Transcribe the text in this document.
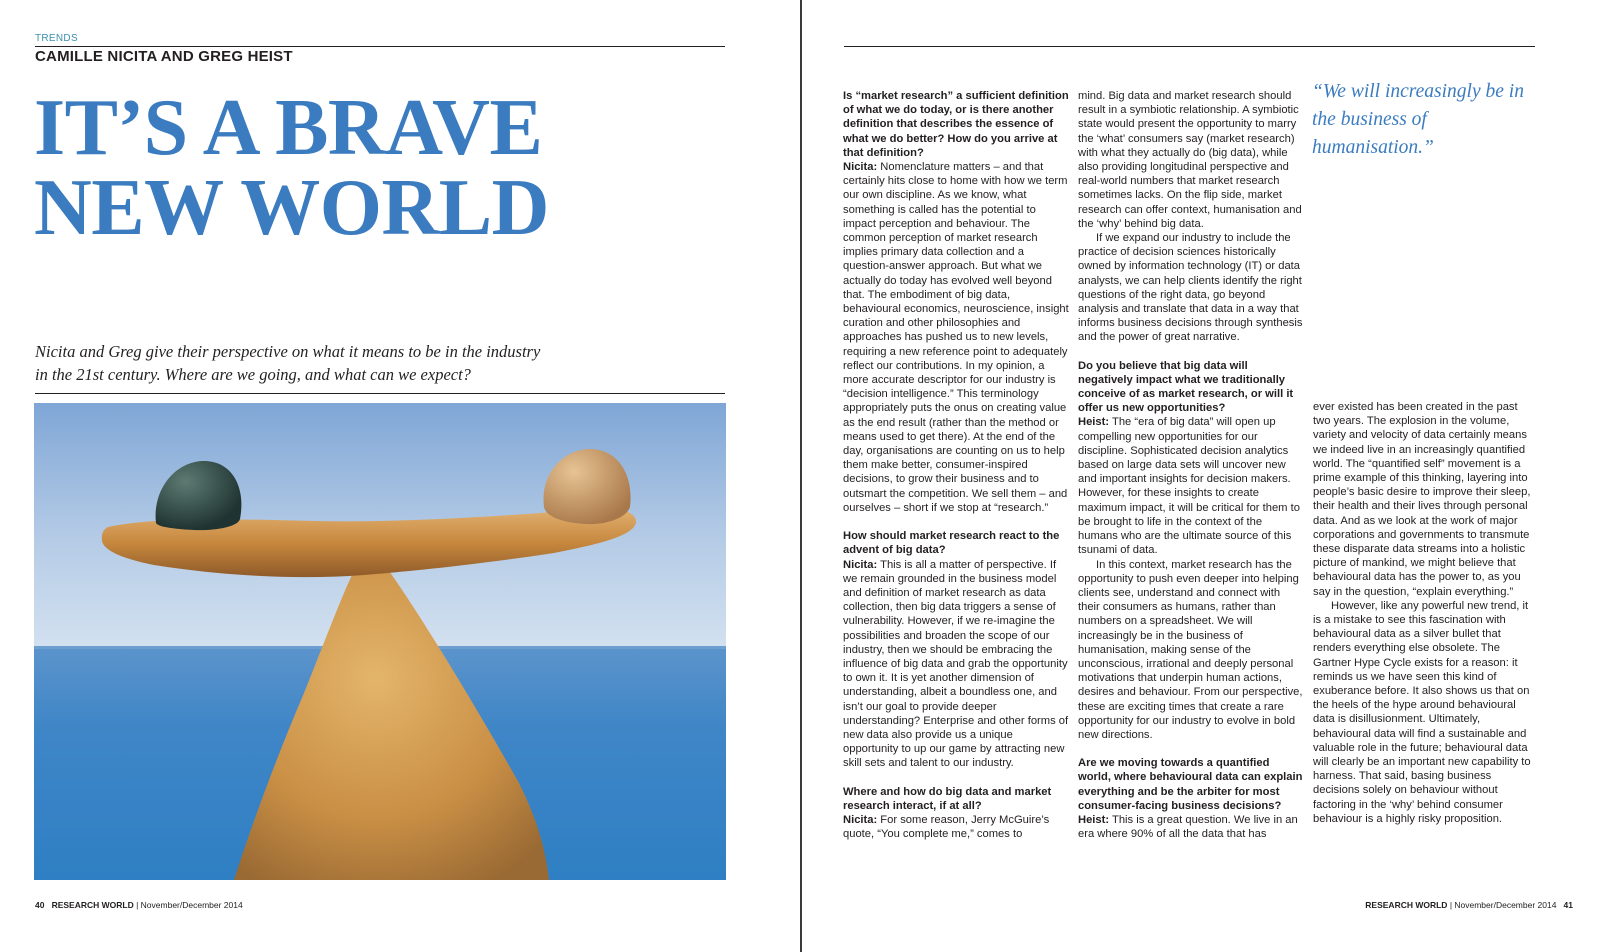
TRENDS
CAMILLE NICITA AND GREG HEIST
IT’S A BRAVE
NEW WORLD
Nicita and Greg give their perspective on what it means to be in the industry
in the 21st century. Where are we going, and what can we expect?
40 RESEARCH WORLD | November/December 2014

Is “market research” a sufficient definition of what we do today, or is there another definition that describes the essence of what we do better? How do you arrive at that definition?

Nicita: Nomenclature matters – and that certainly hits close to home with how we term our own discipline. As we know, what something is called has the potential to impact perception and behaviour. The common perception of market research implies primary data collection and a question-answer approach. But what we actually do today has evolved well beyond that. The embodiment of big data, behavioural economics, neuroscience, insight curation and other philosophies and approaches has pushed us to new levels, requiring a new reference point to adequately reflect our contributions. In my opinion, a more accurate descriptor for our industry is “decision intelligence.” This terminology appropriately puts the onus on creating value as the end result (rather than the method or means used to get there). At the end of the day, organisations are counting on us to help them make better, consumer-inspired decisions, to grow their business and to outsmart the competition. We sell them – and ourselves – short if we stop at “research.”

How should market research react to the advent of big data?

Nicita: This is all a matter of perspective. If we remain grounded in the business model and definition of market research as data collection, then big data triggers a sense of vulnerability. However, if we re-imagine the possibilities and broaden the scope of our industry, then we should be embracing the influence of big data and grab the opportunity to own it. It is yet another dimension of understanding, albeit a boundless one, and isn’t our goal to provide deeper understanding? Enterprise and other forms of new data also provide us a unique opportunity to up our game by attracting new skill sets and talent to our industry.

Where and how do big data and market research interact, if at all?

Nicita: For some reason, Jerry McGuire’s quote, “You complete me,” comes to

mind. Big data and market research should result in a symbiotic relationship. A symbiotic state would present the opportunity to marry the ‘what’ consumers say (market research) with what they actually do (big data), while also providing longitudinal perspective and real-world numbers that market research sometimes lacks. On the flip side, market research can offer context, humanisation and the ‘why’ behind big data.

If we expand our industry to include the practice of decision sciences historically owned by information technology (IT) or data analysts, we can help clients identify the right questions of the right data, go beyond analysis and translate that data in a way that informs business decisions through synthesis and the power of great narrative.

Do you believe that big data will negatively impact what we traditionally conceive of as market research, or will it offer us new opportunities?

Heist: The “era of big data” will open up compelling new opportunities for our discipline. Sophisticated decision analytics based on large data sets will uncover new and important insights for decision makers. However, for these insights to create maximum impact, it will be critical for them to be brought to life in the context of the humans who are the ultimate source of this tsunami of data.

In this context, market research has the opportunity to push even deeper into helping clients see, understand and connect with their consumers as humans, rather than numbers on a spreadsheet. We will increasingly be in the business of humanisation, making sense of the unconscious, irrational and deeply personal motivations that underpin human actions, desires and behaviour. From our perspective, these are exciting times that create a rare opportunity for our industry to evolve in bold new directions.

Are we moving towards a quantified world, where behavioural data can explain everything and be the arbiter for most consumer-facing business decisions?

Heist: This is a great question. We live in an era where 90% of all the data that has

“We will increasingly be in the business of humanisation.”

ever existed has been created in the past two years. The explosion in the volume, variety and velocity of data certainly means we indeed live in an increasingly quantified world. The “quantified self” movement is a prime example of this thinking, layering into people’s basic desire to improve their sleep, their health and their lives through personal data. And as we look at the work of major corporations and governments to transmute these disparate data streams into a holistic picture of mankind, we might believe that behavioural data has the power to, as you say in the question, “explain everything.”

However, like any powerful new trend, it is a mistake to see this fascination with behavioural data as a silver bullet that renders everything else obsolete. The Gartner Hype Cycle exists for a reason: it reminds us we have seen this kind of exuberance before. It also shows us that on the heels of the hype around behavioural data is disillusionment. Ultimately, behavioural data will find a sustainable and valuable role in the future; behavioural data will clearly be an important new capability to harness. That said, basing business decisions solely on behaviour without factoring in the ‘why’ behind consumer behaviour is a highly risky proposition.

RESEARCH WORLD | November/December 2014 41
